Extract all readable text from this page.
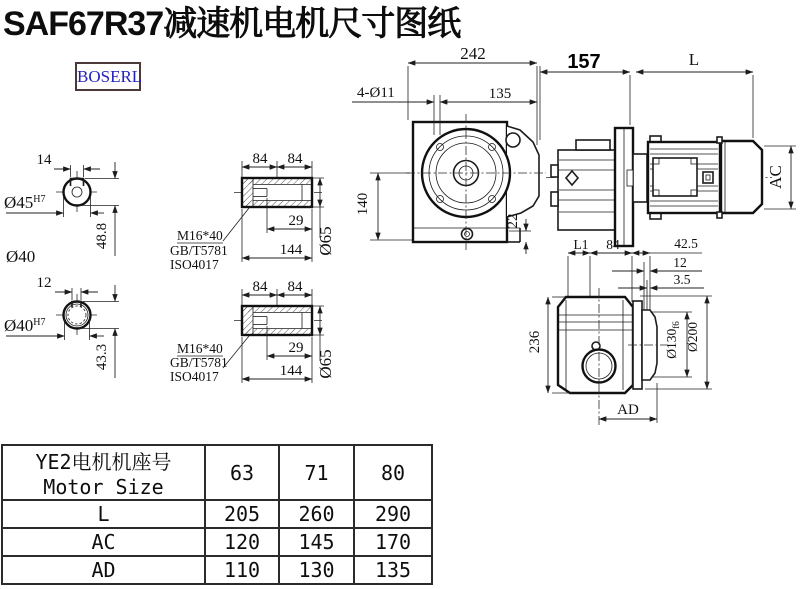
SAF67R37减速机电机尺寸图纸
BOSERL
14
$Ø45^{H7}$
48.8
Ø40
12
$Ø40^{H7}$
43.3
84 84
M16*40
GB/T5781
ISO4017
29
144 Ø65
84 84
M16*40
GB/T5781
ISO4017
29
144 Ø65
242
4-Ø11	135
140
22
157	L
AC
L1 84	42.5
12
3.5
236	$Ø130_{f6}$ Ø200
AD
YE2电机机座号
Motor Size	63	71	80
L	205	260	290
AC	120	145	170
AD	110	130	135
